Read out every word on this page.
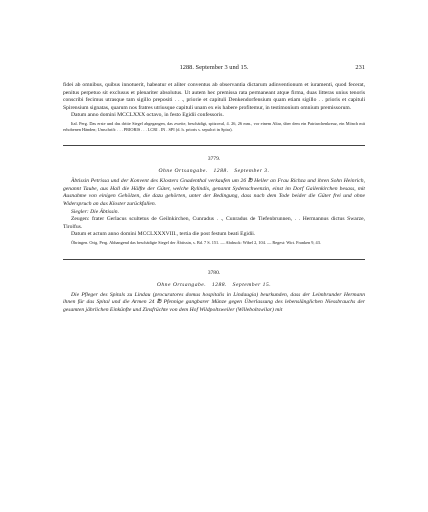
1288. September 3 und 15.	231

fidei ab omnibus, quibus innotuerit, habeatur et aliter conventus ab observantia dictarum adinventionum et iuramenti, quod fecerat, penitus perpetuo sit exclusus et plenariter absolutus. Ut autem hec premissa rata permaneant atque firma, duas litteras unius tenoris conscribi fecimus utrasque tam sigillo prepositi . . ., priorie et capituli Denkendorfensium quam etiam sigillo . . prioris et capituli Spirensium signatas, quarum nos fratres utriusque capituli unam ex eis habere profitemur, in testimonium omnium premissorum.

Datum anno domini MCCLXXX octavo, in festo Egidii confessoris.

Ital. Perg. Das erste und das dritte Siegel abgegangen, das zweite, beschädigt, spitzoval, 4. 26, 26 mm., vor einem Altar, über dem ein Patriarchenkreuz, ein Mönch mit erhobenen Händen; Umschrift: . . . PRIORIS . . . LCRI . IN . SPI (d. h. prioris s. sepulcri in Spira).

3779.
Ohne Ortsangabe.   1288.   September 3.

Äbtissin Petrissa und der Konvent des Klosters Gnadenthal verkaufen um 26 ℔ Heller an Frau Richza und ihren Sohn Heinrich, genannt Taube, aus Hall die Hälfte der Güter, welche Rylindis, genannt Sydenschwenzin, einst im Dorf Gailenkirchen besass, mit Ausnahme von einigen Gehölzen, die dazu gehörten, unter der Bedingung, dass nach dem Tode beider die Güter frei und ohne Widerspruch an das Kloster zurückfallen.

Siegler: Die Äbtissin.

Zeugen: frater Gerlacus scultetus de Geilnkirchen, Cunradus . ., Cunradus de Tiefenbrunnen, . . Hermannus dictus Swarze, Tirolfus.

Datum et actum anno domini MCCLXXXVIII., tertia die post festum beati Egidii.

Öhringen. Orig. Perg. Abhangend das beschädigte Siegel der Äbtissin, s. Bd. 7 S. 151. — Abdruck: Wibel 2, 104. — Regest: Wirt. Franken 9, 43.

3780.
Ohne Ortsangabe.   1288.   September 15.

Die Pfleger des Spitals zu Lindau (procuratores domus hospitalis in Lindaugia) beurkunden, dass der Leimbrunder Hermann ihnen für das Spital und die Armen 24 ℔ Pfennige gangbarer Münze gegen Überlassung des lebenslänglichen Niessbrauchs der gesamten jährlichen Einkünfte und Zinsfrüchte von dem Hof Wildpoltsweiler (Willeboltswilar) mit
